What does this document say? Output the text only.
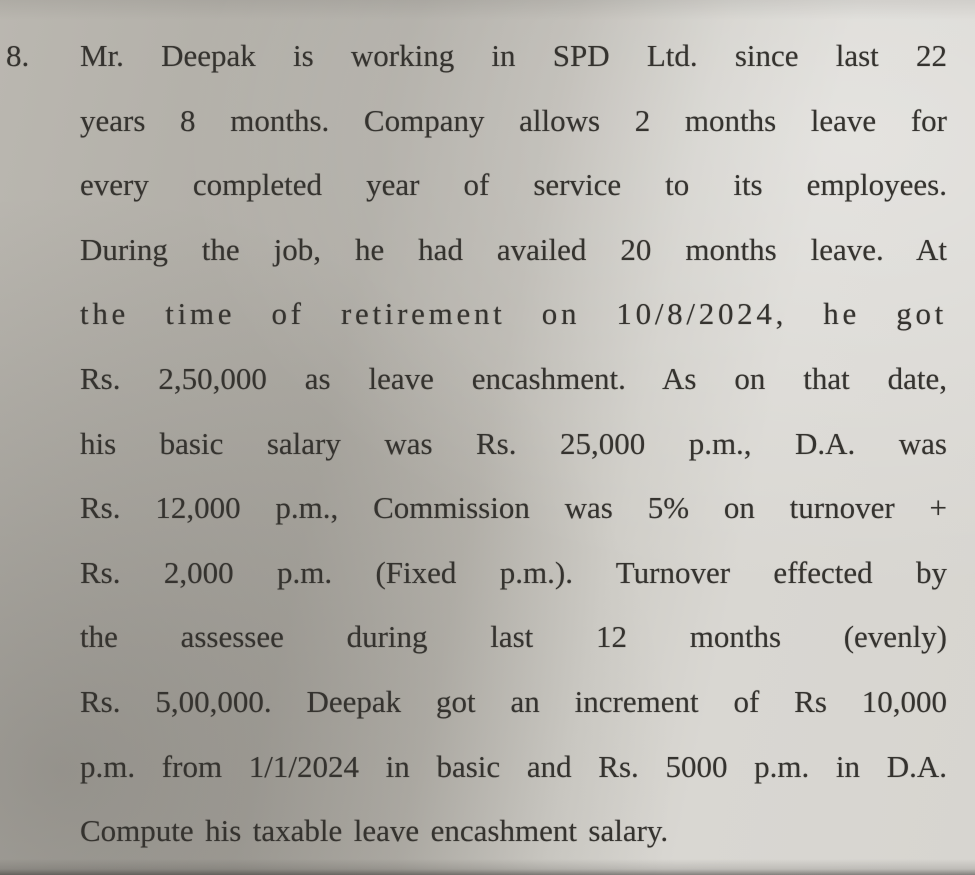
8. Mr. Deepak is working in SPD Ltd. since last 22
years 8 months. Company allows 2 months leave for
every completed year of service to its employees.
During the job, he had availed 20 months leave. At
the time of retirement on 10/8/2024, he got
Rs. 2,50,000 as leave encashment. As on that date,
his basic salary was Rs. 25,000 p.m., D.A. was
Rs. 12,000 p.m., Commission was 5% on turnover +
Rs. 2,000 p.m. (Fixed p.m.). Turnover effected by
the assessee during last 12 months (evenly)
Rs. 5,00,000. Deepak got an increment of Rs 10,000
p.m. from 1/1/2024 in basic and Rs. 5000 p.m. in D.A.
Compute his taxable leave encashment salary.
